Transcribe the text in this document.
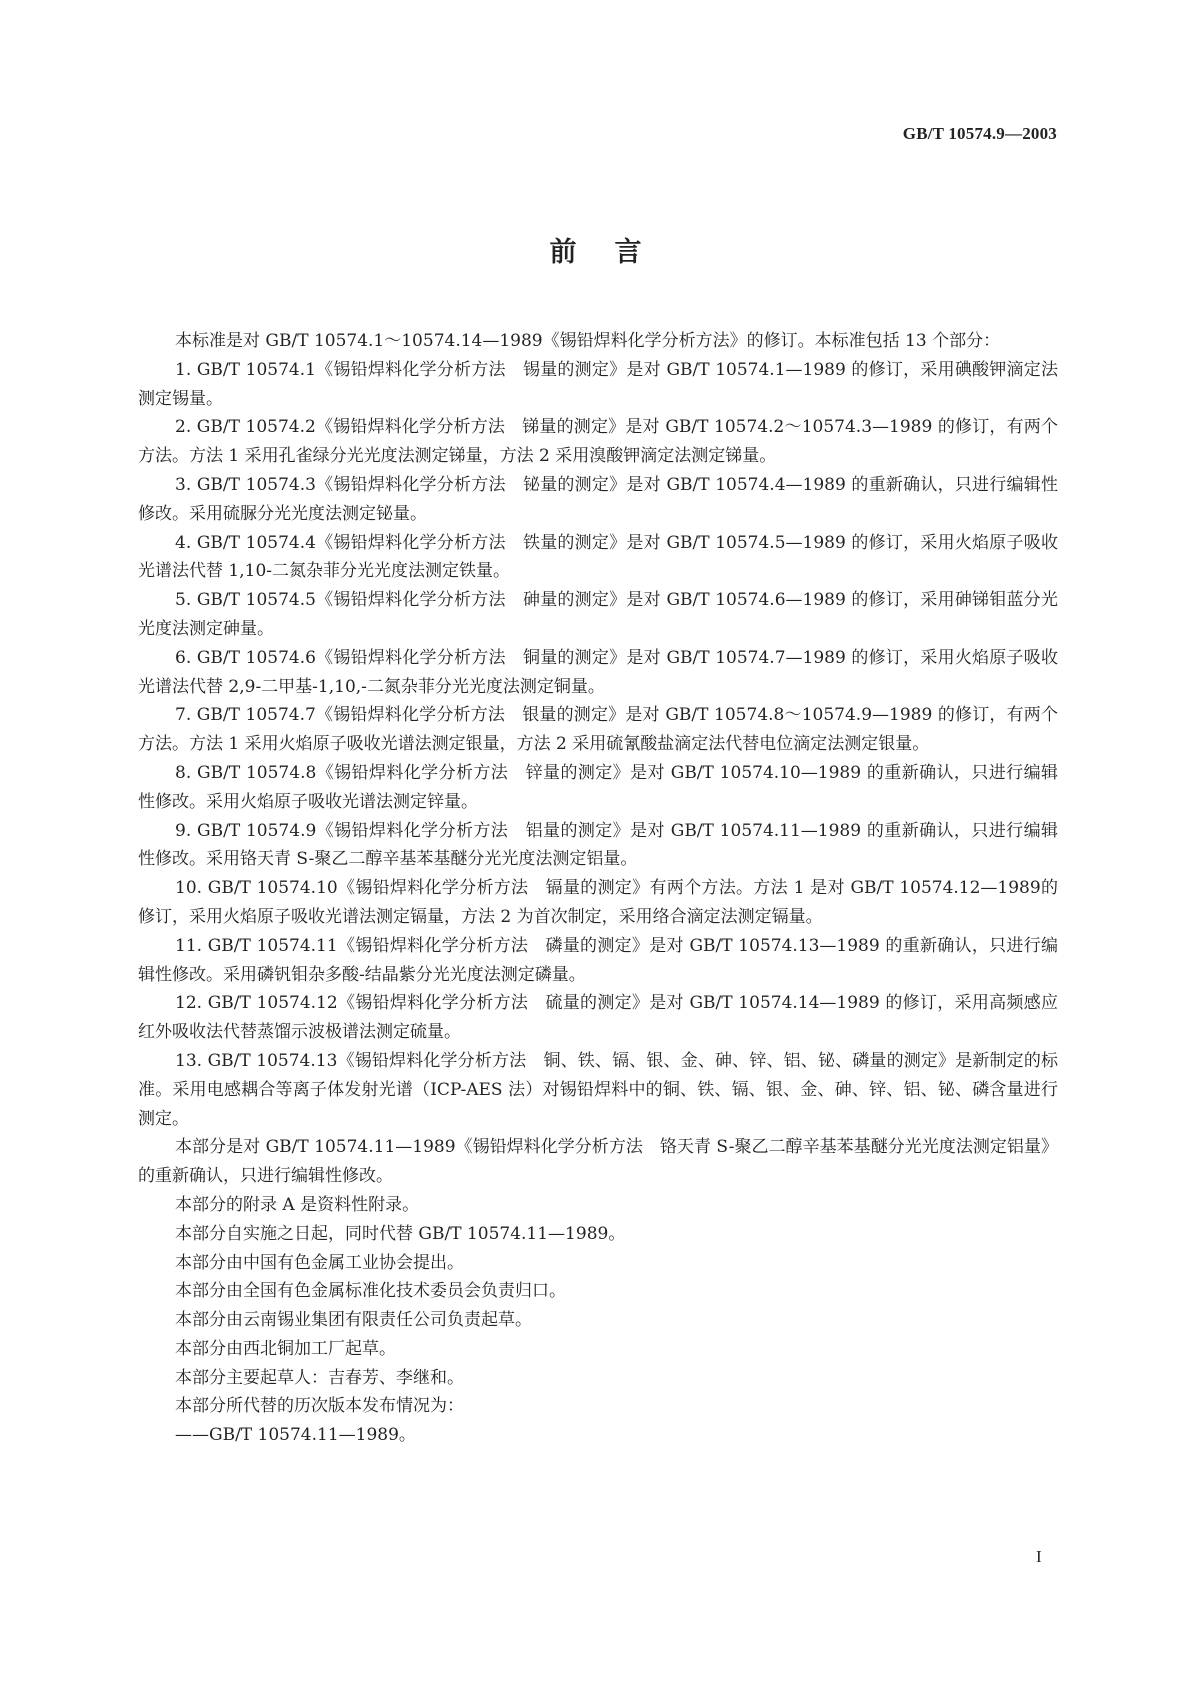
GB/T 10574.9—2003
前言

本标准是对 GB/T 10574.1～10574.14—1989《锡铅焊料化学分析方法》的修订。本标准包括 13 个部分：

1. GB/T 10574.1《锡铅焊料化学分析方法　锡量的测定》是对 GB/T 10574.1—1989 的修订，采用碘酸钾滴定法测定锡量。

2. GB/T 10574.2《锡铅焊料化学分析方法　锑量的测定》是对 GB/T 10574.2～10574.3—1989 的修订，有两个方法。方法 1 采用孔雀绿分光光度法测定锑量，方法 2 采用溴酸钾滴定法测定锑量。

3. GB/T 10574.3《锡铅焊料化学分析方法　铋量的测定》是对 GB/T 10574.4—1989 的重新确认，只进行编辑性修改。采用硫脲分光光度法测定铋量。

4. GB/T 10574.4《锡铅焊料化学分析方法　铁量的测定》是对 GB/T 10574.5—1989 的修订，采用火焰原子吸收光谱法代替 1,10-二氮杂菲分光光度法测定铁量。

5. GB/T 10574.5《锡铅焊料化学分析方法　砷量的测定》是对 GB/T 10574.6—1989 的修订，采用砷锑钼蓝分光光度法测定砷量。

6. GB/T 10574.6《锡铅焊料化学分析方法　铜量的测定》是对 GB/T 10574.7—1989 的修订，采用火焰原子吸收光谱法代替 2,9-二甲基-1,10,-二氮杂菲分光光度法测定铜量。

7. GB/T 10574.7《锡铅焊料化学分析方法　银量的测定》是对 GB/T 10574.8～10574.9—1989 的修订，有两个方法。方法 1 采用火焰原子吸收光谱法测定银量，方法 2 采用硫氰酸盐滴定法代替电位滴定法测定银量。

8. GB/T 10574.8《锡铅焊料化学分析方法　锌量的测定》是对 GB/T 10574.10—1989 的重新确认，只进行编辑性修改。采用火焰原子吸收光谱法测定锌量。

9. GB/T 10574.9《锡铅焊料化学分析方法　铝量的测定》是对 GB/T 10574.11—1989 的重新确认，只进行编辑性修改。采用铬天青 S-聚乙二醇辛基苯基醚分光光度法测定铝量。

10. GB/T 10574.10《锡铅焊料化学分析方法　镉量的测定》有两个方法。方法 1 是对 GB/T 10574.12—1989的修订，采用火焰原子吸收光谱法测定镉量，方法 2 为首次制定，采用络合滴定法测定镉量。

11. GB/T 10574.11《锡铅焊料化学分析方法　磷量的测定》是对 GB/T 10574.13—1989 的重新确认，只进行编辑性修改。采用磷钒钼杂多酸-结晶紫分光光度法测定磷量。

12. GB/T 10574.12《锡铅焊料化学分析方法　硫量的测定》是对 GB/T 10574.14—1989 的修订，采用高频感应红外吸收法代替蒸馏示波极谱法测定硫量。

13. GB/T 10574.13《锡铅焊料化学分析方法　铜、铁、镉、银、金、砷、锌、铝、铋、磷量的测定》是新制定的标准。采用电感耦合等离子体发射光谱（ICP-AES 法）对锡铅焊料中的铜、铁、镉、银、金、砷、锌、铝、铋、磷含量进行测定。

本部分是对 GB/T 10574.11—1989《锡铅焊料化学分析方法　铬天青 S-聚乙二醇辛基苯基醚分光光度法测定铝量》的重新确认，只进行编辑性修改。

本部分的附录 A 是资料性附录。

本部分自实施之日起，同时代替 GB/T 10574.11—1989。

本部分由中国有色金属工业协会提出。

本部分由全国有色金属标准化技术委员会负责归口。

本部分由云南锡业集团有限责任公司负责起草。

本部分由西北铜加工厂起草。

本部分主要起草人：吉春芳、李继和。

本部分所代替的历次版本发布情况为：

——GB/T 10574.11—1989。

I
